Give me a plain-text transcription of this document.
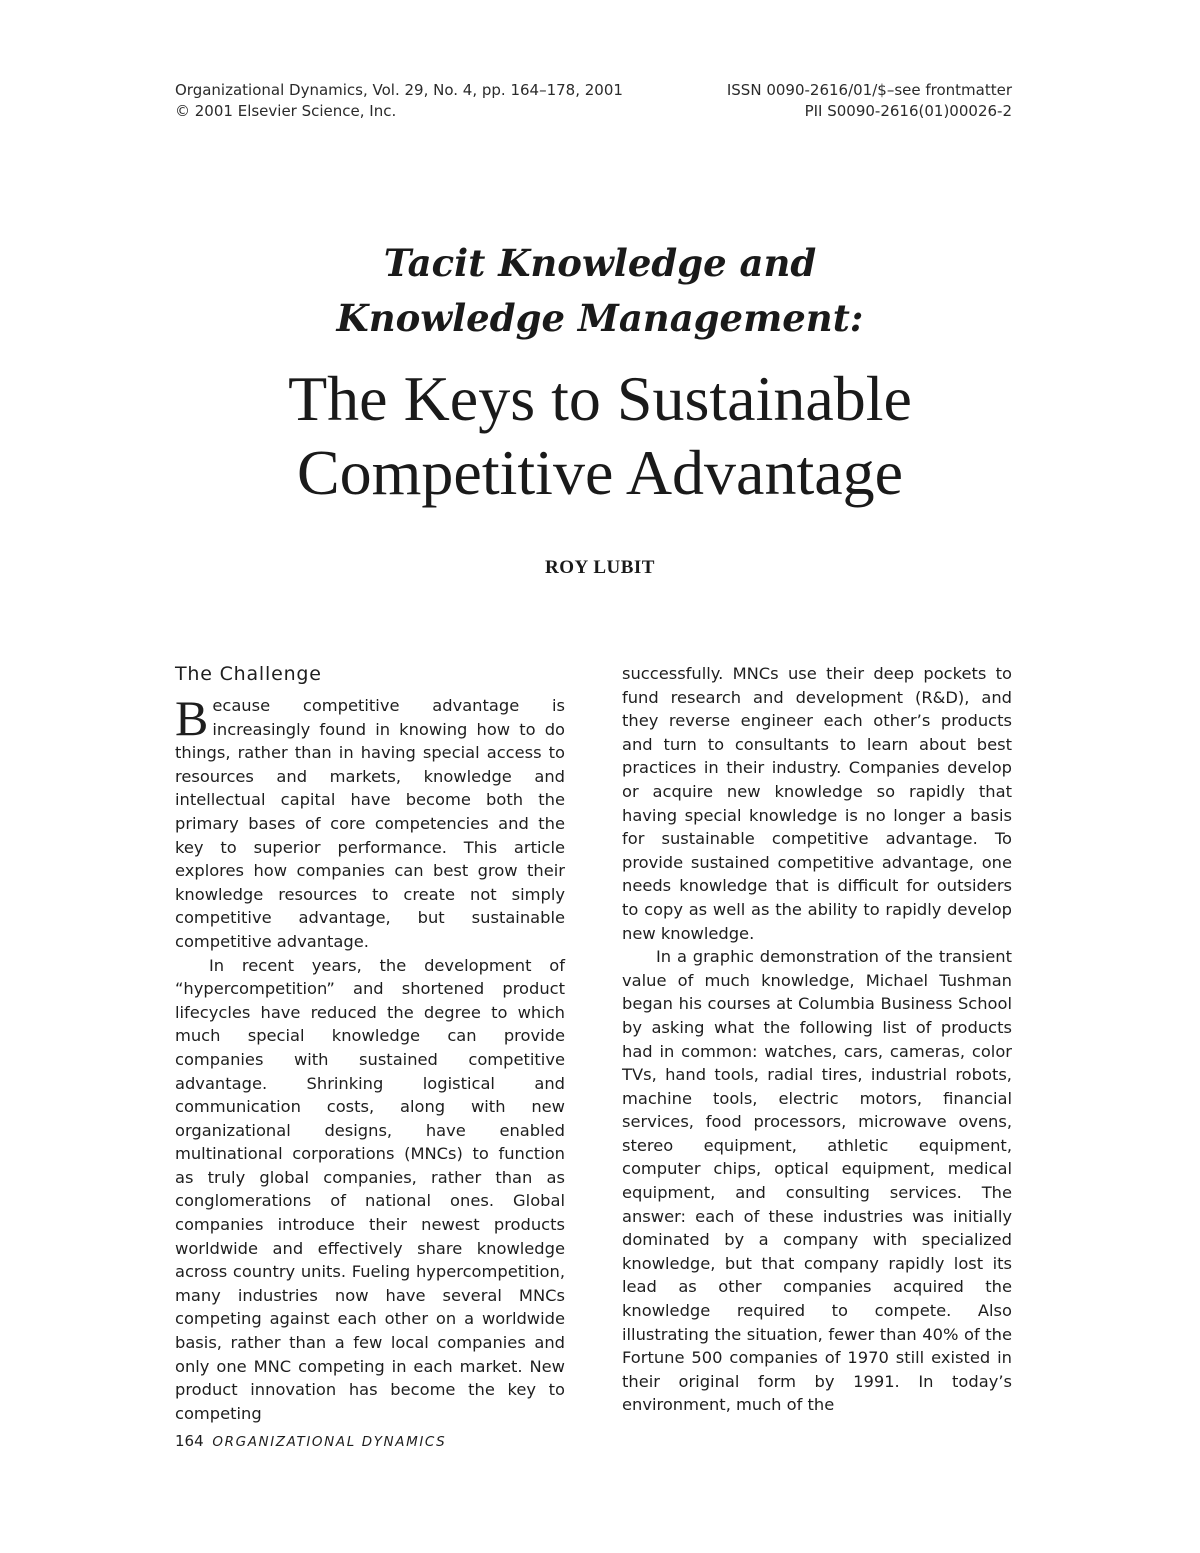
Organizational Dynamics, Vol. 29, No. 4, pp. 164–178, 2001
© 2001 Elsevier Science, Inc.
ISSN 0090-2616/01/$–see frontmatter
PII S0090-2616(01)00026-2
Tacit Knowledge and
Knowledge Management:
The Keys to Sustainable
Competitive Advantage
ROY LUBIT
The Challenge

Because competitive advantage is increasingly found in knowing how to do things, rather than in having special access to resources and markets, knowledge and intellectual capital have become both the primary bases of core competencies and the key to superior performance. This article explores how companies can best grow their knowledge resources to create not simply competitive advantage, but sustainable competitive advantage.

In recent years, the development of “hypercompetition” and shortened product lifecycles have reduced the degree to which much special knowledge can provide companies with sustained competitive advantage. Shrinking logistical and communication costs, along with new organizational designs, have enabled multinational corporations (MNCs) to function as truly global companies, rather than as conglomerations of national ones. Global companies introduce their newest products worldwide and effectively share knowledge across country units. Fueling hypercompetition, many industries now have several MNCs competing against each other on a worldwide basis, rather than a few local companies and only one MNC competing in each market. New product innovation has become the key to competing

successfully. MNCs use their deep pockets to fund research and development (R&D), and they reverse engineer each other’s products and turn to consultants to learn about best practices in their industry. Companies develop or acquire new knowledge so rapidly that having special knowledge is no longer a basis for sustainable competitive advantage. To provide sustained competitive advantage, one needs knowledge that is difficult for outsiders to copy as well as the ability to rapidly develop new knowledge.

In a graphic demonstration of the transient value of much knowledge, Michael Tushman began his courses at Columbia Business School by asking what the following list of products had in common: watches, cars, cameras, color TVs, hand tools, radial tires, industrial robots, machine tools, electric motors, financial services, food processors, microwave ovens, stereo equipment, athletic equipment, computer chips, optical equipment, medical equipment, and consulting services. The answer: each of these industries was initially dominated by a company with specialized knowledge, but that company rapidly lost its lead as other companies acquired the knowledge required to compete. Also illustrating the situation, fewer than 40% of the Fortune 500 companies of 1970 still existed in their original form by 1991. In today’s environment, much of the

164 ORGANIZATIONAL DYNAMICS
